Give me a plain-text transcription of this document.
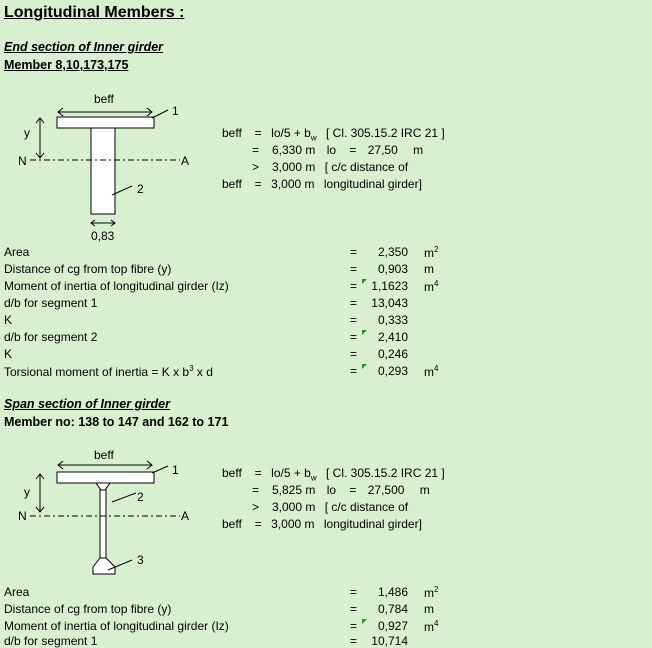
Longitudinal Members :
End section of Inner girder
Member 8,10,173,175
beff
1
y
N	A
2
0,83
beff = $lo/5 + b_w$ [ Cl. 305.15.2 IRC 21 ]
= 6,330 m lo = 27,50 m
> 3,000 m [ c/c distance of
beff = 3,000 m longitudinal girder]
Area	=	2,350 $m^2$
Distance of cg from top fibre (y)	=	0,903 m
Moment of inertia of longitudinal girder (Iz)	=	1,1623 $m^4$
d/b for segment 1	=	13,043
K	=	0,333
d/b for segment 2	=	2,410
K	=	0,246
Torsional moment of inertia = K x $b^3$ x d	=	0,293 $m^4$
Span section of Inner girder
Member no: 138 to 147 and 162 to 171
beff
1
y	2
N	A
3
beff = $lo/5 + b_w$ [ Cl. 305.15.2 IRC 21 ]
= 5,825 m lo = 27,500 m
> 3,000 m [ c/c distance of
beff = 3,000 m longitudinal girder]
Area	=	1,486 $m^2$
Distance of cg from top fibre (y)	=	0,784 m
Moment of inertia of longitudinal girder (Iz)	=	0,927 $m^4$
d/b for segment 1	=	10,714
